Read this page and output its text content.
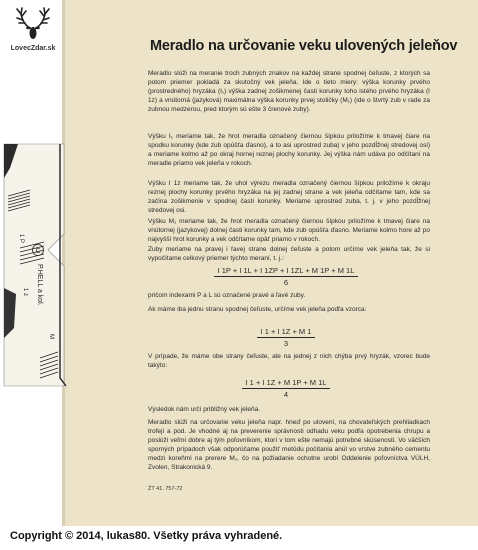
LovecZdar.sk
C
P.HELL a kol.
1 P
1 z
M
Meradlo na určovanie veku ulovených jeleňov
Meradlo slúži na meranie troch zubných znakov na každej strane spodnej čeľuste, z ktorých sa potom priemer pokladá za skutočný vek jeleňa. Ide o tieto miery: výška korunky prvého (prostredného) hryzáka (I₁) výška zadnej zošikmenej časti korunky toho istého prvého hryzáka (I 1z) a vnútorná (jazyková) maximálna výška korunky prvej stoličky (M₁) (ide o štvrtý zub v rade za zubnou medzerou, pred ktorým sú ešte 3 črenové zuby).
Výšku I₁ meriame tak, že hrot meradla označený čiernou šípkou priložíme k tmavej čiare na spodku korunky (kde zub opúšťa ďasno), a to asi uprostred zuba) v jeho pozdĺžnej stredovej osi) a meriame kolmo až po okraj hornej reznej plochy korunky. Jej výška nám udáva po odčítaní na meradle priamo vek jeleňa v rokoch.
Výšku I 1z meriame tak, že uhol výrezu meradla označený čiernou šípkou priložíme k okraju reznej plochy korunky prvého hryzáka na jej zadnej strane a vek jeleňa odčítame tam, kde sa začína zošikmenie v spodnej časti korunky. Meriame uprostred zuba, t. j. v jeho pozdĺžnej stredovej osi.
Výšku M₁ meriame tak, že hrot meradla označený čiernou šípkou priložíme k tmavej čiare na vnútornej (jazykovej) dolnej časti korunky tam, kde zub opúšťa ďasno. Meriame kolmo hore až po najvyšší hrot korunky a vek odčítame opäť priamo v rokoch.
Zuby meriame na pravej i ľavej strane dolnej čeľuste a potom určíme vek jeleňa tak, že si vypočítame celkový priemer týchto meraní, t. j.:
$\frac{I 1P + I 1L + I 1ZP + I 1ZL + M 1P + M 1L}{6}$
pričom indexami P a L sú označené pravé a ľavé zuby.
Ak máme iba jednu stranu spodnej čeľuste, určíme vek jeleňa podľa vzorca:
$\frac{I 1 + I 1Z + M 1}{3}$
V prípade, že máme obe strany čeľuste, ale na jednej z nich chýba prvý hryzák, vzorec bude takýto:
$\frac{I 1 + I 1Z + M 1P + M 1L}{4}$
Výsledok nám určí približný vek jeleňa.
Meradlo slúži na určovanie veku jeleňa napr. hneď po ulovení, na chovateľských prehliadkach trofejí a pod. Je vhodné aj na preverenie správnosti odhadu veku podľa opotrebenia chrupu a poslúži veľmi dobre aj tým poľovníkom, ktorí v tom ešte nemajú potrebné skúsenosti. Vo väčších sporných prípadoch však odporúčame použiť metódu počítania anúl vo vrstve zubného cementu medzi koreňmi na prerere M₁, čo na požiadanie ochotne urobí Oddelenie poľovníctva VÚLH, Zvolen, Strakonická 9.
ŽT 41. 757-72
Copyright © 2014, lukas80. Všetky práva vyhradené.
